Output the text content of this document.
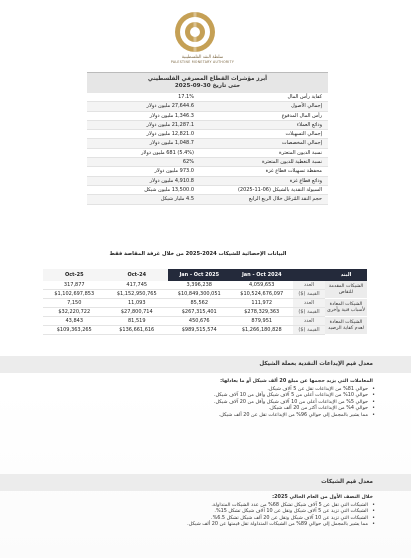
سلطة النقد الفلسطينية
PALESTINE MONETARY AUTHORITY
أبرز مؤشرات القطاع المصرفي الفلسطيني
حتى تاريخ 30-09-2025
كفاية رأس المال
17.1%
إجمالي الأصول
27,644.6 مليون دولار
رأس المال المدفوع
1,346.3 مليون دولار
ودائع العملاء
21,287.1 مليون دولار
إجمالي التسهيلات
12,821.0 مليون دولار
إجمالي المخصصات
1,048.7 مليون دولار
نسبة الديون المتعثرة
(5.4%) 681 مليون دولار
نسبة التغطية للديون المتعثرة
62%
محفظة تسهيلات قطاع غزة
973.0 مليون دولار
ودائع قطاع غزة
4,910.8 مليون دولار
السيولة النقدية بالشيكل (06-11-2025)
13,500.0 مليون شيكل
حجم النقد المُرحّل خلال الربع الرابع
4.5 مليار شيكل
البيانات الإحصائية للشيكات 2024-2025 من خلال غرفة المقاصة فقط
البند
Jan - Oct 2024
Jan - Oct 2025
Oct-24
Oct-25
الشيكات المقدمة للتقاص
العدد
4,059,653
3,396,238
417,745
317,877
القيمة ($)
$10,524,676,097
$10,849,300,051
$1,152,950,765
$1,102,697,853
الشيكات المعادة لأسباب فنية وأخرى
العدد
111,972
85,562
11,093
7,150
القيمة ($)
$278,329,363
$267,315,401
$27,800,714
$32,220,722
الشيكات المعادة لعدم كفاية الرصيد
العدد
879,951
450,676
81,519
43,843
القيمة ($)
$1,266,180,828
$989,515,574
$136,661,616
$109,363,265
معدل قيم الإيداعات النقدية بعملة الشيكل
المعاملات التي يزيد حجمها عن مبلغ 20 ألف شيكل أو ما يعادلها:
• حوالي 81% من الإيداعات تقل عن 5 آلاف شيكل.
• حوالي 10% من الإيداعات أعلى من 5 آلاف شيكل وأقل من 10 آلاف شيكل.
• حوالي 5% من الإيداعات أعلى من 10 آلاف شيكل وأقل من 20 آلاف شيكل.
• حوالي 4% من الإيداعات أكثر من 20 ألف شيكل.
• مما يشير بالمجمل إلى حوالي 96% من الإيداعات تقل عن 20 ألف شيكل.
معدل قيم الشيكات
خلال النصف الأول من العام الحالي 2025:
• الشيكات التي تقل عن 5 آلاف شيكل تشكل 68% من عدد الشيكات المتداولة.
• الشيكات التي تزيد عن 5 آلاف شيكل وتقل عن 10 آلاف شيكل تشكل 15%.
• الشيكات التي تزيد عن 10 آلاف شيكل وتقل عن 20 ألف شيكل تشكل 6.5%.
• مما يشير بالمجمل إلى حوالي 89% من الشيكات المتداولة تقل قيمتها عن 20 ألف شيكل.
